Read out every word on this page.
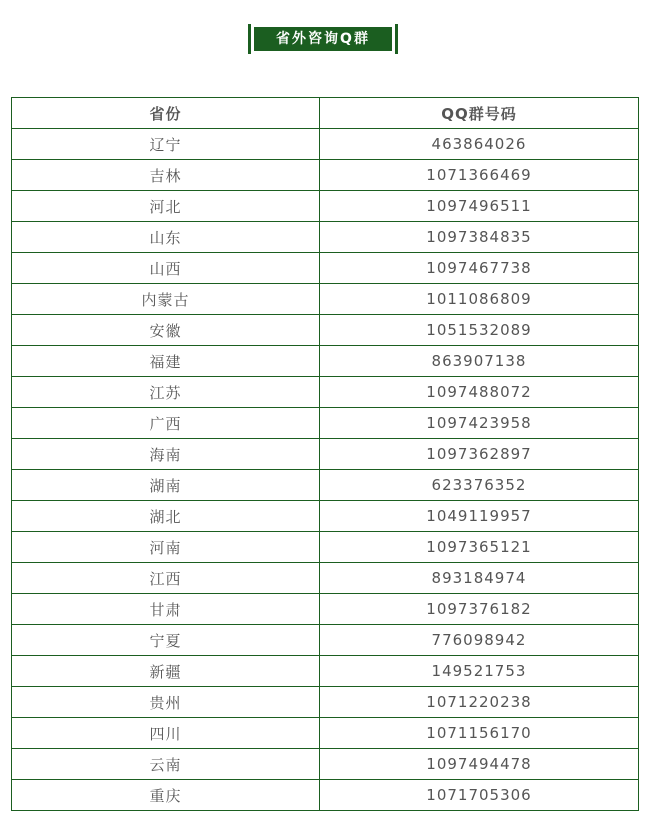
省外咨询Q群
省份	QQ群号码
辽宁	463864026
吉林	1071366469
河北	1097496511
山东	1097384835
山西	1097467738
内蒙古	1011086809
安徽	1051532089
福建	863907138
江苏	1097488072
广西	1097423958
海南	1097362897
湖南	623376352
湖北	1049119957
河南	1097365121
江西	893184974
甘肃	1097376182
宁夏	776098942
新疆	149521753
贵州	1071220238
四川	1071156170
云南	1097494478
重庆	1071705306
